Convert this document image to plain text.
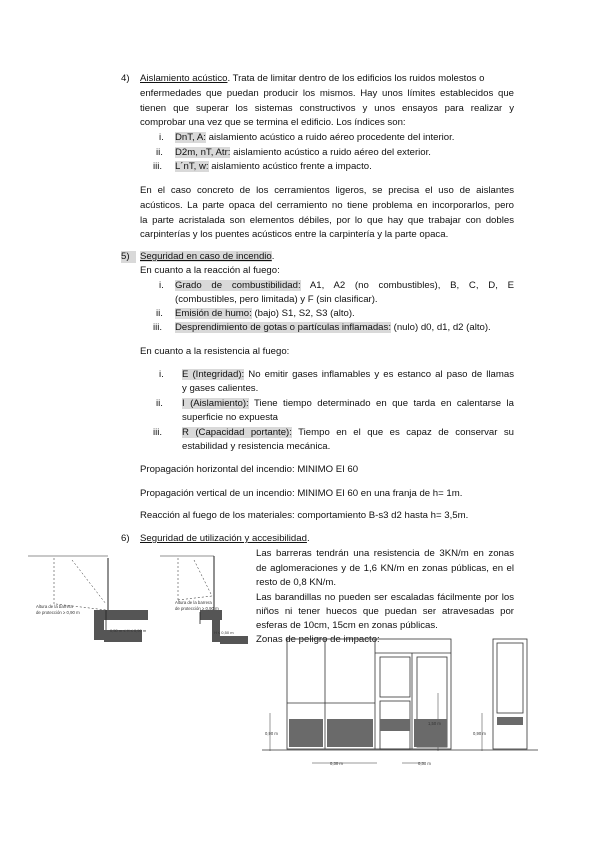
4) Aislamiento acústico. Trata de limitar dentro de los edificios los ruidos molestos o
enfermedades que puedan producir los mismos. Hay unos límites establecidos que
tienen que superar los sistemas constructivos y unos ensayos para realizar y
comprobar una vez que se termina el edificio. Los índices son:
i. DnT, A: aislamiento acústico a ruido aéreo procedente del interior.
ii. D2m, nT, Atr: aislamiento acústico a ruido aéreo del exterior.
iii. L´nT, w: aislamiento acústico frente a impacto.
En el caso concreto de los cerramientos ligeros, se precisa el uso de aislantes
acústicos. La parte opaca del cerramiento no tiene problema en incorporarlos, pero
la parte acristalada son elementos débiles, por lo que hay que trabajar con dobles
carpinterías y los puentes acústicos entre la carpintería y la parte opaca.
5)	Seguridad en caso de incendio.
En cuanto a la reacción al fuego:
i.	Grado de combustibilidad: A1, A2 (no combustibles), B, C, D, E
(combustibles, pero limitada) y F (sin clasificar).
ii. Emisión de humo: (bajo) S1, S2, S3 (alto).
iii. Desprendimiento de gotas o partículas inflamadas: (nulo) d0, d1, d2 (alto).
En cuanto a la resistencia al fuego:
i. E (Integridad): No emitir gases inflamables y es estanco al paso de llamas
y gases calientes.
ii. I (Aislamiento): Tiene tiempo determinado en que tarda en calentarse la
superficie no expuesta
iii. R (Capacidad portante): Tiempo en el que es capaz de conservar su
estabilidad y resistencia mecánica.
Propagación horizontal del incendio: MINIMO EI 60
Propagación vertical de un incendio: MINIMO EI 60 en una franja de h= 1m.
Reacción al fuego de los materiales: comportamiento B-s3 d2 hasta h= 3,5m.
6) Seguridad de utilización y accesibilidad.
Las barreras tendrán una resistencia de 3KN/m en zonas
de aglomeraciones y de 1,6 KN/m en zonas públicas, en el
resto de 0,8 KN/m.
Las barandillas no pueden ser escaladas fácilmente por los
niños ni tener huecos que puedan ser atravesadas por
esferas de 10cm, 15cm en zonas públicas.
Zonas de peligro de impacto:
Altura de la barrera
de protección ≥ 0,90 m
0,50 m ≤ H ≤ 0,90 m
Altura de la barrera
de protección ≥ 0,90 m
H ≤ 0,50 m
0,90 m
1,50 m
0,90 m
0,30 m	0,30 m
